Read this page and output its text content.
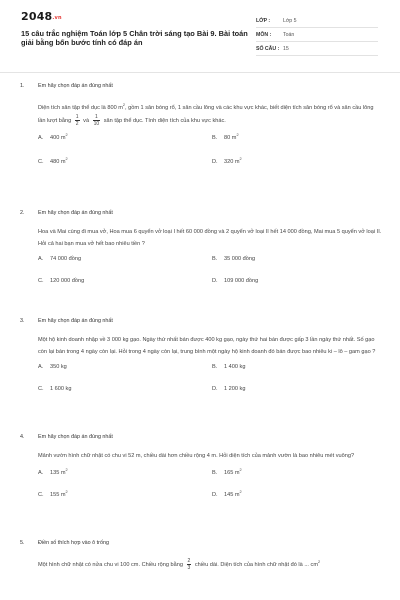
$2048^{.vn}$
15 câu trắc nghiệm Toán lớp 5 Chân trời sáng tạo Bài 9. Bài toán giải bằng bốn bước tính có đáp án
LỚP :	Lớp 5
MÔN :	Toán
SỐ CÂU : 15
1.	Em hãy chọn đáp án đúng nhất
Diện tích sân tập thể dục là 800 $m^2$, gồm 1 sân bóng rổ, 1 sân cầu lông và các khu vực khác, biết diện tích sân bóng rổ và sân cầu lông lần lượt bằng $\frac{1}{2}$ và $\frac{1}{10}$ sân tập thể dục. Tính diện tích của khu vực khác.
A. 400 $m^2$	B. 80 $m^2$
C. 480 $m^2$	D. 320 $m^2$
2.	Em hãy chọn đáp án đúng nhất
Hoa và Mai cùng đi mua vở, Hoa mua 6 quyển vở loại I hết 60 000 đồng và 2 quyển vở loại II hết 14 000 đồng, Mai mua 5 quyển vở loại II. Hỏi cả hai bạn mua vở hết bao nhiêu tiền ?
A. 74 000 đồng	B. 35 000 đồng
C. 120 000 đồng	D. 109 000 đồng
3.	Em hãy chọn đáp án đúng nhất
Một hộ kinh doanh nhập về 3 000 kg gạo. Ngày thứ nhất bán được 400 kg gạo, ngày thứ hai bán được gấp 3 lần ngày thứ nhất. Số gạo còn lại bán trong 4 ngày còn lại. Hỏi trong 4 ngày còn lại, trung bình một ngày hộ kinh doanh đó bán được bao nhiêu ki – lô – gam gạo ?
A. 350 kg	B. 1 400 kg
C. 1 600 kg	D. 1 200 kg
4.	Em hãy chọn đáp án đúng nhất
Mảnh vườn hình chữ nhật có chu vi 52 m, chiều dài hơn chiều rộng 4 m. Hỏi diện tích của mảnh vườn là bao nhiêu mét vuông?
A. 135 $m^2$	B. 165 $m^2$
C. 155 $m^2$	D. 145 $m^2$
5.	Điền số thích hợp vào ô trống
Một hình chữ nhật có nửa chu vi 100 cm. Chiều rộng bằng $\frac{2}{3}$ chiều dài. Diện tích của hình chữ nhật đó là ... $cm^2$
